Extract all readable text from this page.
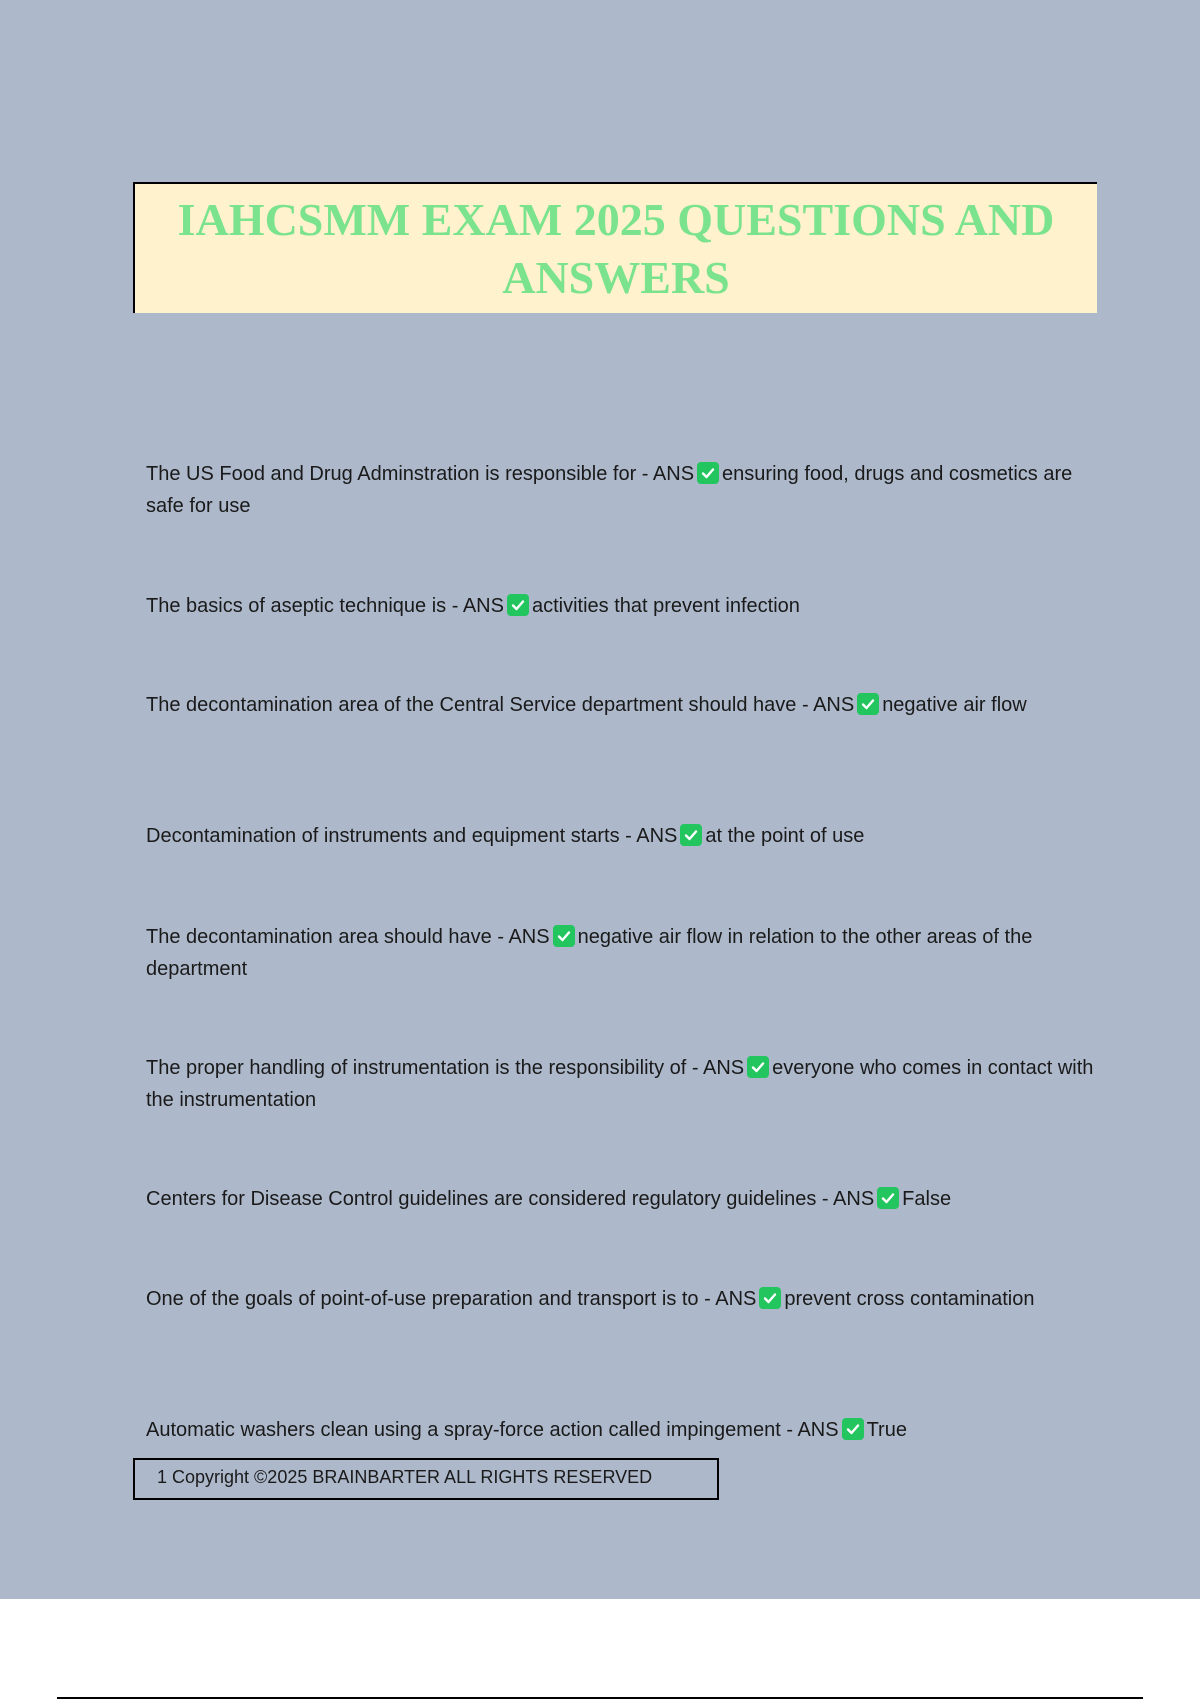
IAHCSMM EXAM 2025 QUESTIONS AND ANSWERS

The US Food and Drug Adminstration is responsible for - ANS ensuring food, drugs and cosmetics are safe for use

The basics of aseptic technique is - ANS activities that prevent infection

The decontamination area of the Central Service department should have - ANS negative air flow

Decontamination of instruments and equipment starts - ANS at the point of use

The decontamination area should have - ANS negative air flow in relation to the other areas of the department

The proper handling of instrumentation is the responsibility of - ANS everyone who comes in contact with the instrumentation

Centers for Disease Control guidelines are considered regulatory guidelines - ANS False

One of the goals of point-of-use preparation and transport is to - ANS prevent cross contamination

Automatic washers clean using a spray-force action called impingement - ANS True

1 Copyright ©2025 BRAINBARTER ALL RIGHTS RESERVED
